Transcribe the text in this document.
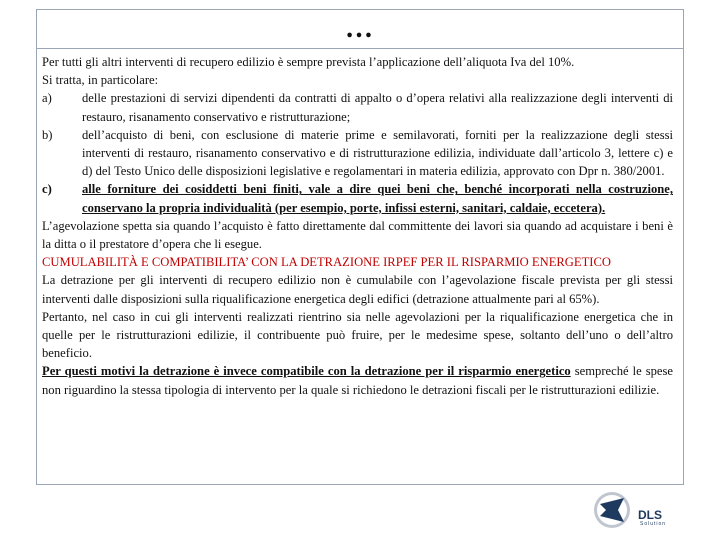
…

Per tutti gli altri interventi di recupero edilizio è sempre prevista l’applicazione dell’aliquota Iva del 10%.

Si tratta, in particolare:

a)	delle prestazioni di servizi dipendenti da contratti di appalto o d’opera relativi alla realizzazione degli interventi di restauro, risanamento conservativo e ristrutturazione;
b)	dell’acquisto di beni, con esclusione di materie prime e semilavorati, forniti per la realizzazione degli stessi interventi di restauro, risanamento conservativo e di ristrutturazione edilizia, individuate dall’articolo 3, lettere c) e d) del Testo Unico delle disposizioni legislative e regolamentari in materia edilizia, approvato con Dpr n. 380/2001.
c)	alle forniture dei cosiddetti beni finiti, vale a dire quei beni che, benché incorporati nella costruzione, conservano la propria individualità (per esempio, porte, infissi esterni, sanitari, caldaie, eccetera).

L’agevolazione spetta sia quando l’acquisto è fatto direttamente dal committente dei lavori sia quando ad acquistare i beni è la ditta o il prestatore d’opera che li esegue.

CUMULABILITÀ E COMPATIBILITA’ CON LA DETRAZIONE IRPEF PER IL RISPARMIO ENERGETICO

La detrazione per gli interventi di recupero edilizio non è cumulabile con l’agevolazione fiscale prevista per gli stessi interventi dalle disposizioni sulla riqualificazione energetica degli edifici (detrazione attualmente pari al 65%).

Pertanto, nel caso in cui gli interventi realizzati rientrino sia nelle agevolazioni per la riqualificazione energetica che in quelle per le ristrutturazioni edilizie, il contribuente può fruire, per le medesime spese, soltanto dell’uno o dell’altro beneficio.

Per questi motivi la detrazione è invece compatibile con la detrazione per il risparmio energetico sempreché le spese non riguardino la stessa tipologia di intervento per la quale si richiedono le detrazioni fiscali per le ristrutturazioni edilizie.

DLS
Solution
